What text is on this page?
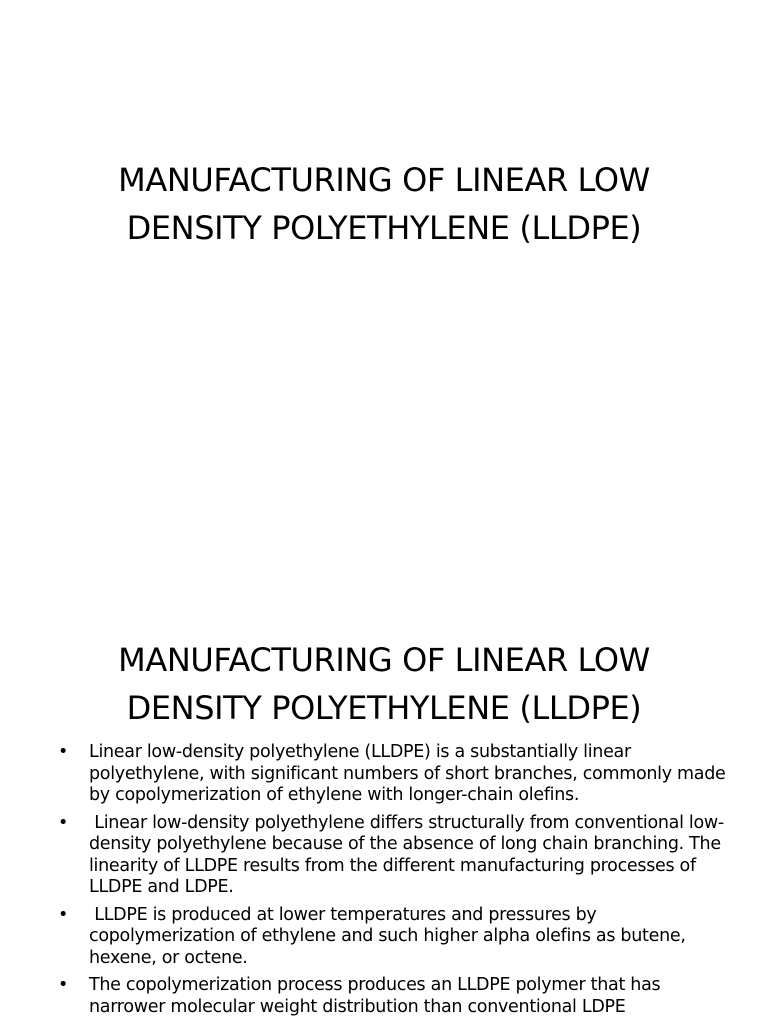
MANUFACTURING OF LINEAR LOW DENSITY POLYETHYLENE (LLDPE)
MANUFACTURING OF LINEAR LOW DENSITY POLYETHYLENE (LLDPE)
• Linear low-density polyethylene (LLDPE) is a substantially linear polyethylene, with significant numbers of short branches, commonly made by copolymerization of ethylene with longer-chain olefins.
• Linear low-density polyethylene differs structurally from conventional low-density polyethylene because of the absence of long chain branching. The linearity of LLDPE results from the different manufacturing processes of LLDPE and LDPE.
• LLDPE is produced at lower temperatures and pressures by copolymerization of ethylene and such higher alpha olefins as butene, hexene, or octene.
• The copolymerization process produces an LLDPE polymer that has narrower molecular weight distribution than conventional LDPE
